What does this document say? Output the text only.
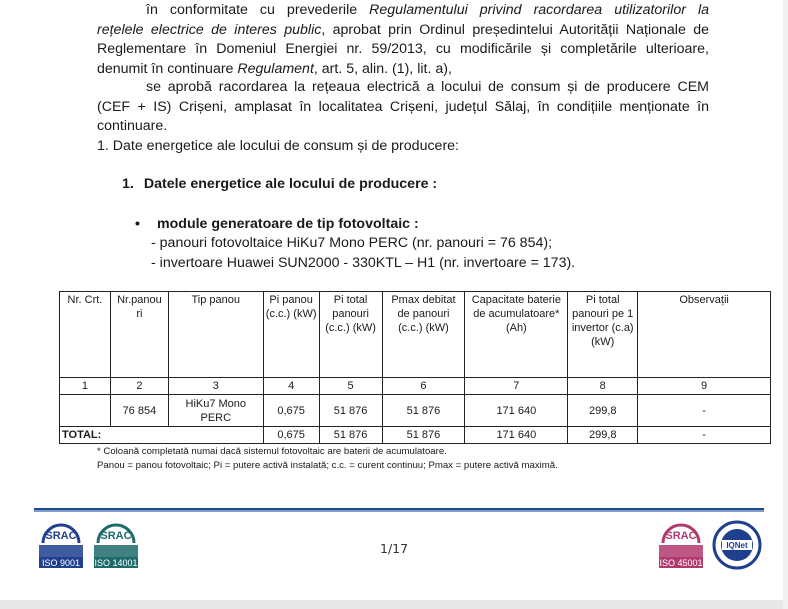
în conformitate cu prevederile Regulamentului privind racordarea utilizatorilor la
rețelele electrice de interes public, aprobat prin Ordinul președintelui Autorității Naționale de
Reglementare în Domeniul Energiei nr. 59/2013, cu modificările și completările ulterioare,
denumit în continuare Regulament, art. 5, alin. (1), lit. a),
se aprobă racordarea la rețeaua electrică a locului de consum și de producere CEM
(CEF + IS) Crișeni, amplasat în localitatea Crișeni, județul Sălaj, în condițiile menționate în
continuare.
1. Date energetice ale locului de consum și de producere:
1. Datele energetice ale locului de producere :
• module generatoare de tip fotovoltaic :
- panouri fotovoltaice HiKu7 Mono PERC (nr. panouri = 76 854);
- invertoare Huawei SUN2000 - 330KTL – H1 (nr. invertoare = 173).
Nr. Crt.	Nr.panou ri	Tip panou	Pi panou (c.c.) (kW)	Pi total panouri (c.c.) (kW)	Pmax debitat de panouri (c.c.) (kW)	Capacitate baterie de acumulatoare* (Ah)	Pi total panouri pe 1 invertor (c.a) (kW)	Observații
1	2	3	4	5	6	7	8	9
	76 854	HiKu7 Mono PERC	0,675	51 876	51 876	171 640	299,8	-
TOTAL:			0,675	51 876	51 876	171 640	299,8	-
* Coloană completată numai dacă sistemul fotovoltaic are baterii de acumulatoare.
Panou = panou fotovoltaic; Pi = putere activă instalată; c.c. = curent continuu; Pmax = putere activă maximă.
SRAC
ISO 9001
SRAC
ISO 14001
1/17
SRAC
ISO 45001
IQNet
